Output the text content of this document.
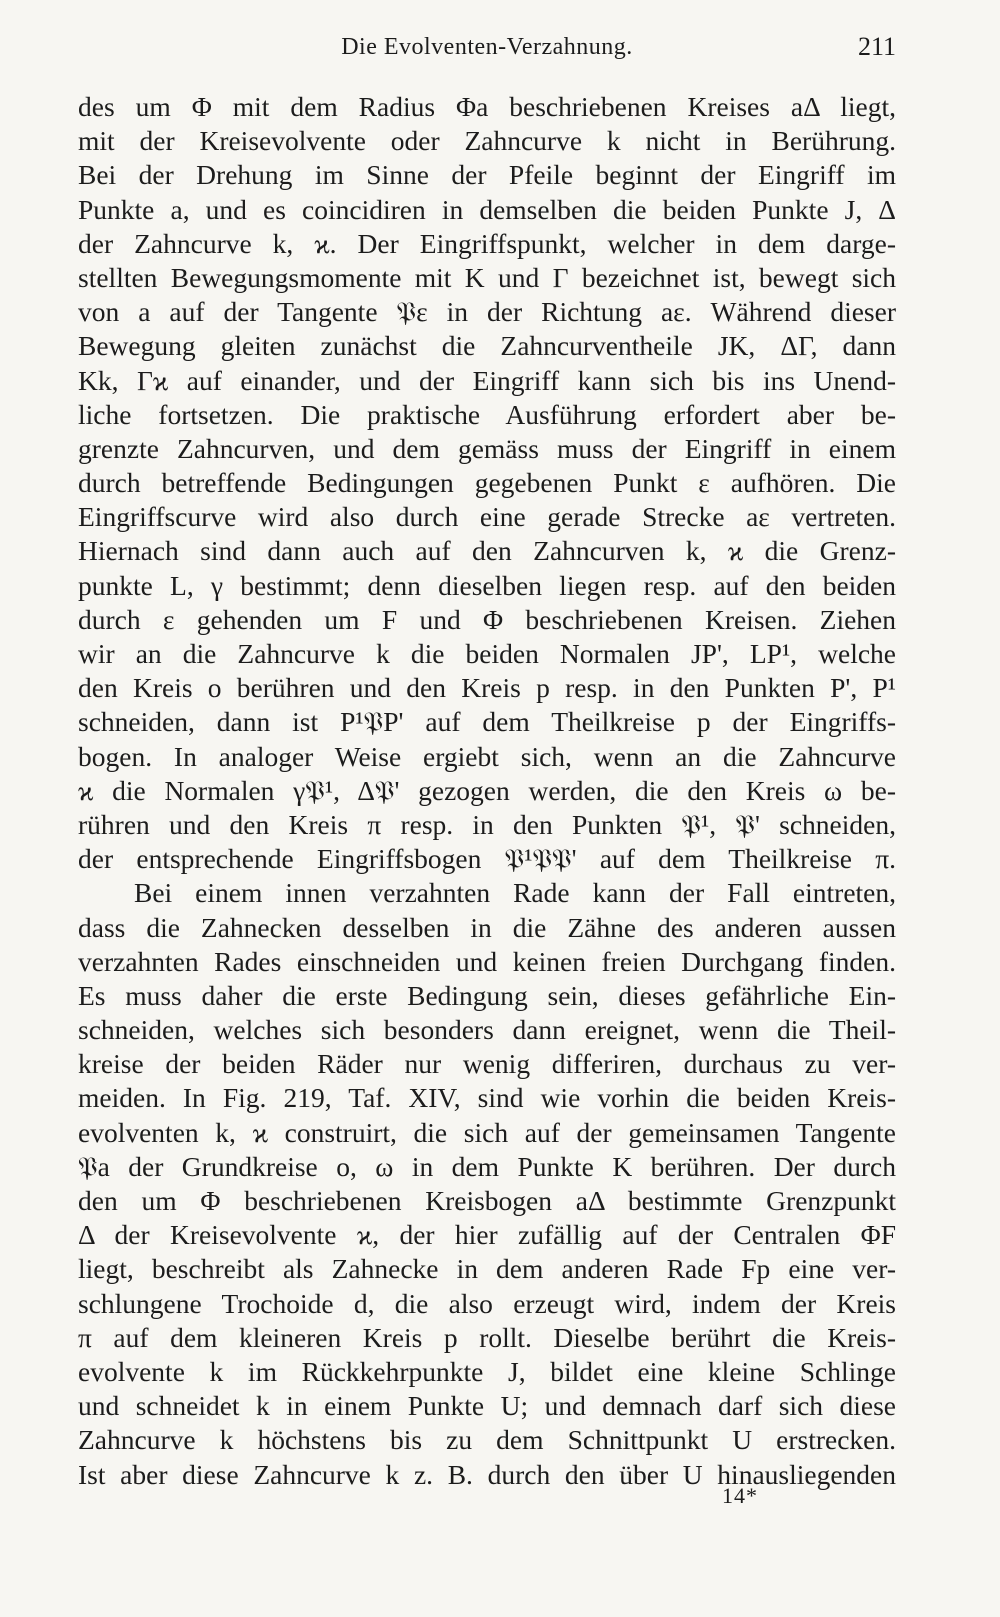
Die Evolventen-Verzahnung.	211
des um Φ mit dem Radius Φa beschriebenen Kreises aΔ liegt,
mit der Kreisevolvente oder Zahncurve k nicht in Berührung.
Bei der Drehung im Sinne der Pfeile beginnt der Eingriff im
Punkte a, und es coincidiren in demselben die beiden Punkte J, Δ
der Zahncurve k, ϰ. Der Eingriffspunkt, welcher in dem darge-
stellten Bewegungsmomente mit K und Γ bezeichnet ist, bewegt sich
von a auf der Tangente 𝔓ε in der Richtung aε. Während dieser
Bewegung gleiten zunächst die Zahncurventheile JK, ΔΓ, dann
Kk, Γϰ auf einander, und der Eingriff kann sich bis ins Unend-
liche fortsetzen. Die praktische Ausführung erfordert aber be-
grenzte Zahncurven, und dem gemäss muss der Eingriff in einem
durch betreffende Bedingungen gegebenen Punkt ε aufhören. Die
Eingriffscurve wird also durch eine gerade Strecke aε vertreten.
Hiernach sind dann auch auf den Zahncurven k, ϰ die Grenz-
punkte L, γ bestimmt; denn dieselben liegen resp. auf den beiden
durch ε gehenden um F und Φ beschriebenen Kreisen. Ziehen
wir an die Zahncurve k die beiden Normalen JP', LP¹, welche
den Kreis o berühren und den Kreis p resp. in den Punkten P', P¹
schneiden, dann ist P¹𝔓P' auf dem Theilkreise p der Eingriffs-
bogen. In analoger Weise ergiebt sich, wenn an die Zahncurve
ϰ die Normalen γ𝔓¹, Δ𝔓' gezogen werden, die den Kreis ω be-
rühren und den Kreis π resp. in den Punkten 𝔓¹, 𝔓' schneiden,
der entsprechende Eingriffsbogen 𝔓¹𝔓𝔓' auf dem Theilkreise π.
Bei einem innen verzahnten Rade kann der Fall eintreten,
dass die Zahnecken desselben in die Zähne des anderen aussen
verzahnten Rades einschneiden und keinen freien Durchgang finden.
Es muss daher die erste Bedingung sein, dieses gefährliche Ein-
schneiden, welches sich besonders dann ereignet, wenn die Theil-
kreise der beiden Räder nur wenig differiren, durchaus zu ver-
meiden. In Fig. 219, Taf. XIV, sind wie vorhin die beiden Kreis-
evolventen k, ϰ construirt, die sich auf der gemeinsamen Tangente
𝔓a der Grundkreise o, ω in dem Punkte K berühren. Der durch
den um Φ beschriebenen Kreisbogen aΔ bestimmte Grenzpunkt
Δ der Kreisevolvente ϰ, der hier zufällig auf der Centralen ΦF
liegt, beschreibt als Zahnecke in dem anderen Rade Fp eine ver-
schlungene Trochoide d, die also erzeugt wird, indem der Kreis
π auf dem kleineren Kreis p rollt. Dieselbe berührt die Kreis-
evolvente k im Rückkehrpunkte J, bildet eine kleine Schlinge
und schneidet k in einem Punkte U; und demnach darf sich diese
Zahncurve k höchstens bis zu dem Schnittpunkt U erstrecken.
Ist aber diese Zahncurve k z. B. durch den über U hinausliegenden
14*
